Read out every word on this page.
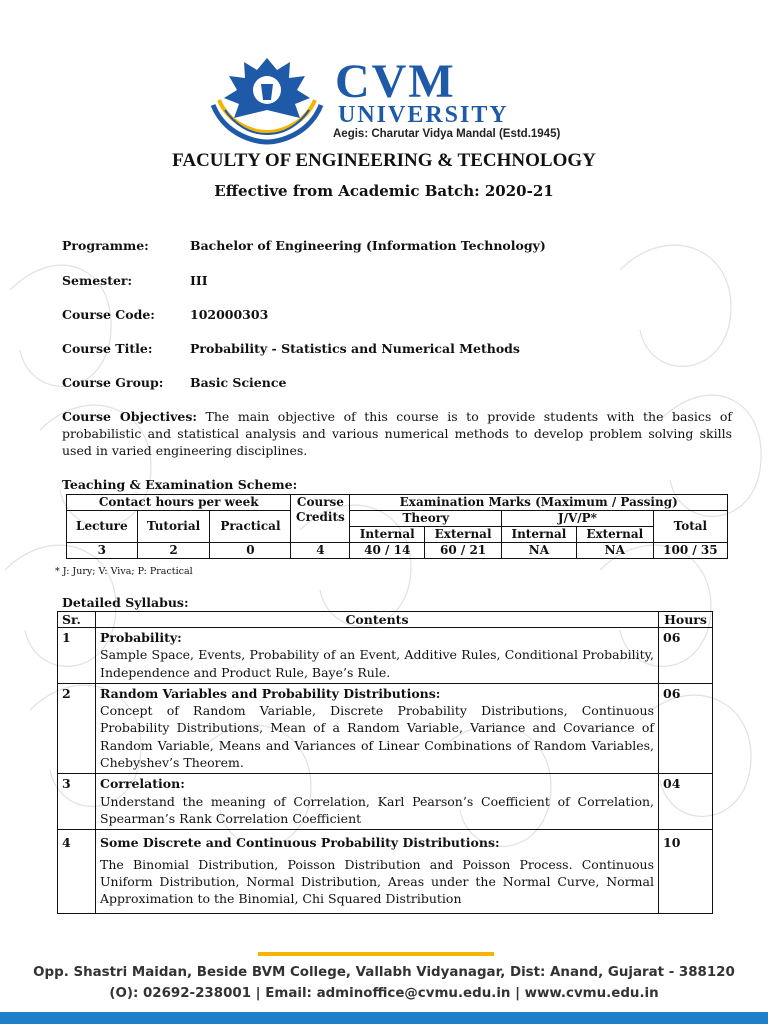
CVM
UNIVERSITY
Aegis: Charutar Vidya Mandal (Estd.1945)
FACULTY OF ENGINEERING & TECHNOLOGY
Effective from Academic Batch: 2020-21
Programme:	Bachelor of Engineering (Information Technology)
Semester:	III
Course Code:	102000303
Course Title:	Probability - Statistics and Numerical Methods
Course Group: Basic Science
Course Objectives: The main objective of this course is to provide students with the basics of probabilistic and statistical analysis and various numerical methods to develop problem solving skills used in varied engineering disciplines.
Teaching & Examination Scheme:
Contact hours per week			Course Credits	Examination Marks (Maximum / Passing)				
Lecture	Tutorial	Practical		Theory		J/V/P*		Total
				Internal	External	Internal	External	
3	2	0	4	40 / 14	60 / 21	NA	NA	100 / 35
* J: Jury; V: Viva; P: Practical
Detailed Syllabus:
Sr.	Contents	Hours
1	Probability:
Sample Space, Events, Probability of an Event, Additive Rules, Conditional Probability, Independence and Product Rule, Baye’s Rule.	06
2	Random Variables and Probability Distributions:
Concept of Random Variable, Discrete Probability Distributions, Continuous Probability Distributions, Mean of a Random Variable, Variance and Covariance of Random Variable, Means and Variances of Linear Combinations of Random Variables, Chebyshev’s Theorem.	06
3	Correlation:
Understand the meaning of Correlation, Karl Pearson’s Coefficient of Correlation, Spearman’s Rank Correlation Coefficient	04
4	Some Discrete and Continuous Probability Distributions:
The Binomial Distribution, Poisson Distribution and Poisson Process. Continuous Uniform Distribution, Normal Distribution, Areas under the Normal Curve, Normal Approximation to the Binomial, Chi Squared Distribution	10
Opp. Shastri Maidan, Beside BVM College, Vallabh Vidyanagar, Dist: Anand, Gujarat - 388120
(O): 02692-238001 | Email: adminoffice@cvmu.edu.in | www.cvmu.edu.in
